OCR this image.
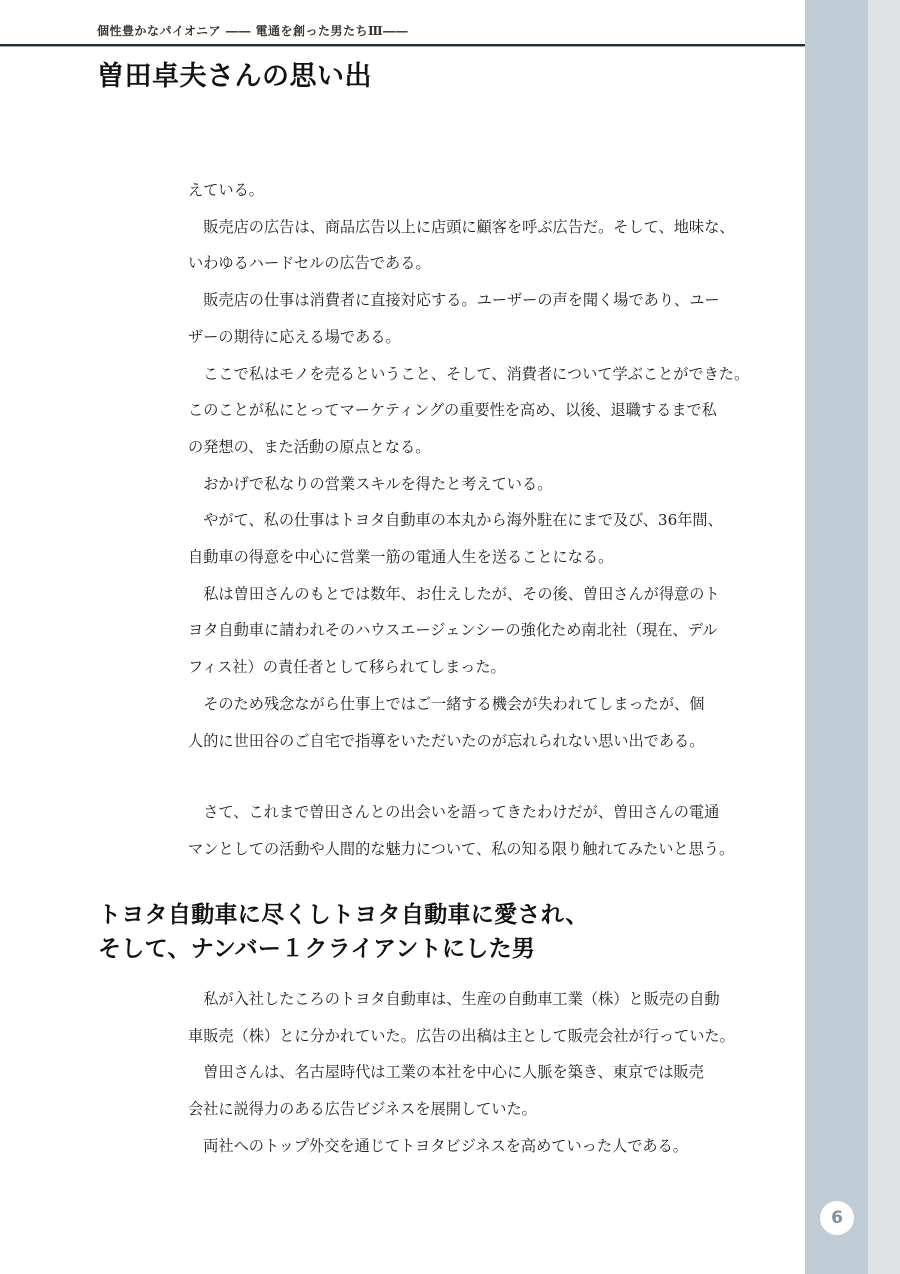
6
個性豊かなパイオニア ―― 電通を創った男たちⅢ――
曽田卓夫さんの思い出

えている。

　販売店の広告は、商品広告以上に店頭に顧客を呼ぶ広告だ。そして、地味な、

いわゆるハードセルの広告である。

　販売店の仕事は消費者に直接対応する。ユーザーの声を聞く場であり、ユー

ザーの期待に応える場である。

　ここで私はモノを売るということ、そして、消費者について学ぶことができた。

このことが私にとってマーケティングの重要性を高め、以後、退職するまで私

の発想の、また活動の原点となる。

　おかげで私なりの営業スキルを得たと考えている。

　やがて、私の仕事はトヨタ自動車の本丸から海外駐在にまで及び、36年間、

自動車の得意を中心に営業一筋の電通人生を送ることになる。

　私は曽田さんのもとでは数年、お仕えしたが、その後、曽田さんが得意のト

ヨタ自動車に請われそのハウスエージェンシーの強化ため南北社（現在、デル

フィス社）の責任者として移られてしまった。

　そのため残念ながら仕事上ではご一緒する機会が失われてしまったが、個

人的に世田谷のご自宅で指導をいただいたのが忘れられない思い出である。

　さて、これまで曽田さんとの出会いを語ってきたわけだが、曽田さんの電通

マンとしての活動や人間的な魅力について、私の知る限り触れてみたいと思う。

トヨタ自動車に尽くしトヨタ自動車に愛され、
そして、ナンバー１クライアントにした男

　私が入社したころのトヨタ自動車は、生産の自動車工業（株）と販売の自動

車販売（株）とに分かれていた。広告の出稿は主として販売会社が行っていた。

　曽田さんは、名古屋時代は工業の本社を中心に人脈を築き、東京では販売

会社に説得力のある広告ビジネスを展開していた。

　両社へのトップ外交を通じてトヨタビジネスを高めていった人である。
